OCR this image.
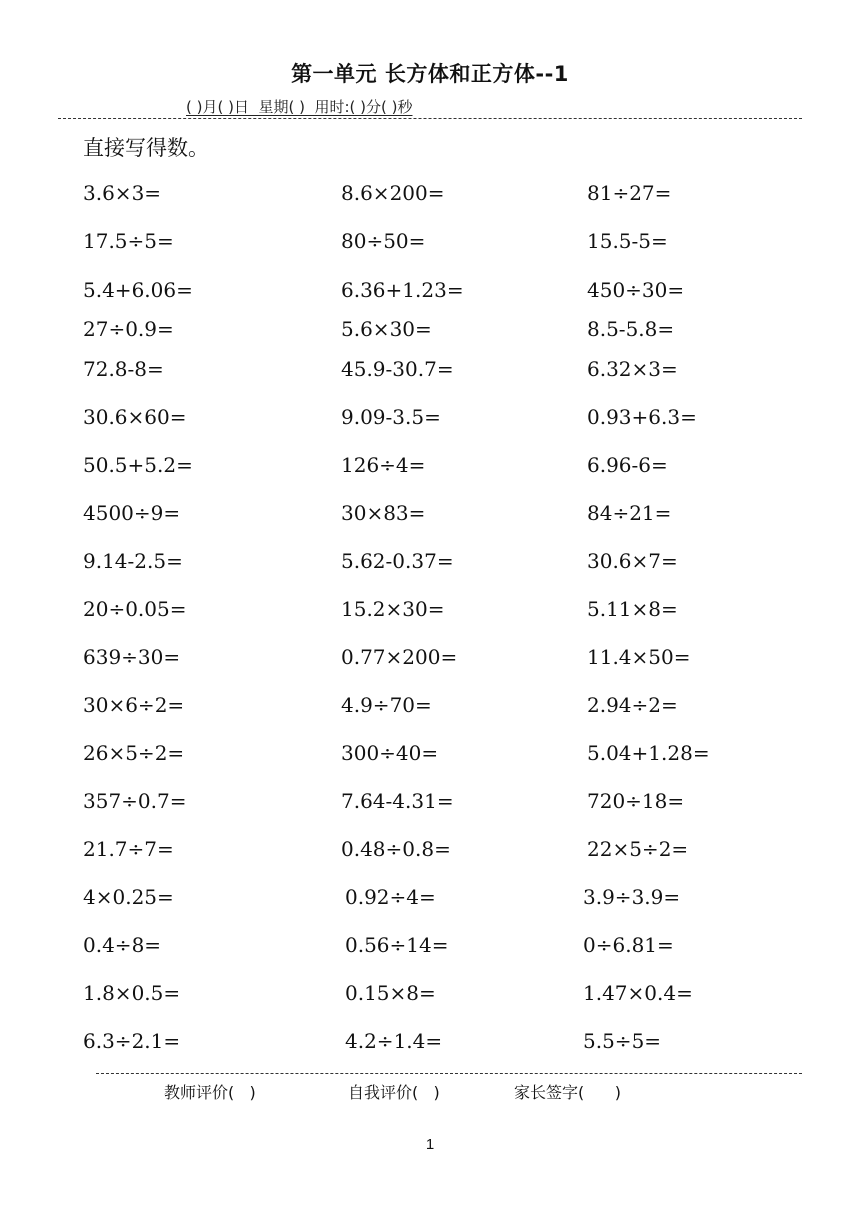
第一单元 长方体和正方体--1
( )月( )日  星期( )  用时:( )分( )秒
直接写得数。
3.6×3=	8.6×200=	81÷27=
17.5÷5=	80÷50=	15.5-5=
5.4+6.06=	6.36+1.23=	450÷30=
27÷0.9=	5.6×30=	8.5-5.8=
72.8-8=	45.9-30.7=	6.32×3=
30.6×60=	9.09-3.5=	0.93+6.3=
50.5+5.2=	126÷4=	6.96-6=
4500÷9=	30×83=	84÷21=
9.14-2.5=	5.62-0.37=	30.6×7=
20÷0.05=	15.2×30=	5.11×8=
639÷30=	0.77×200=	11.4×50=
30×6÷2=	4.9÷70=	2.94÷2=
26×5÷2=	300÷40=	5.04+1.28=
357÷0.7=	7.64-4.31=	720÷18=
21.7÷7=	0.48÷0.8=	22×5÷2=
4×0.25=	0.92÷4=	3.9÷3.9=
0.4÷8=	0.56÷14=	0÷6.81=
1.8×0.5=	0.15×8=	1.47×0.4=
6.3÷2.1=	4.2÷1.4=	5.5÷5=
教师评价(   )	自我评价(   )	家长签字(      )
1
